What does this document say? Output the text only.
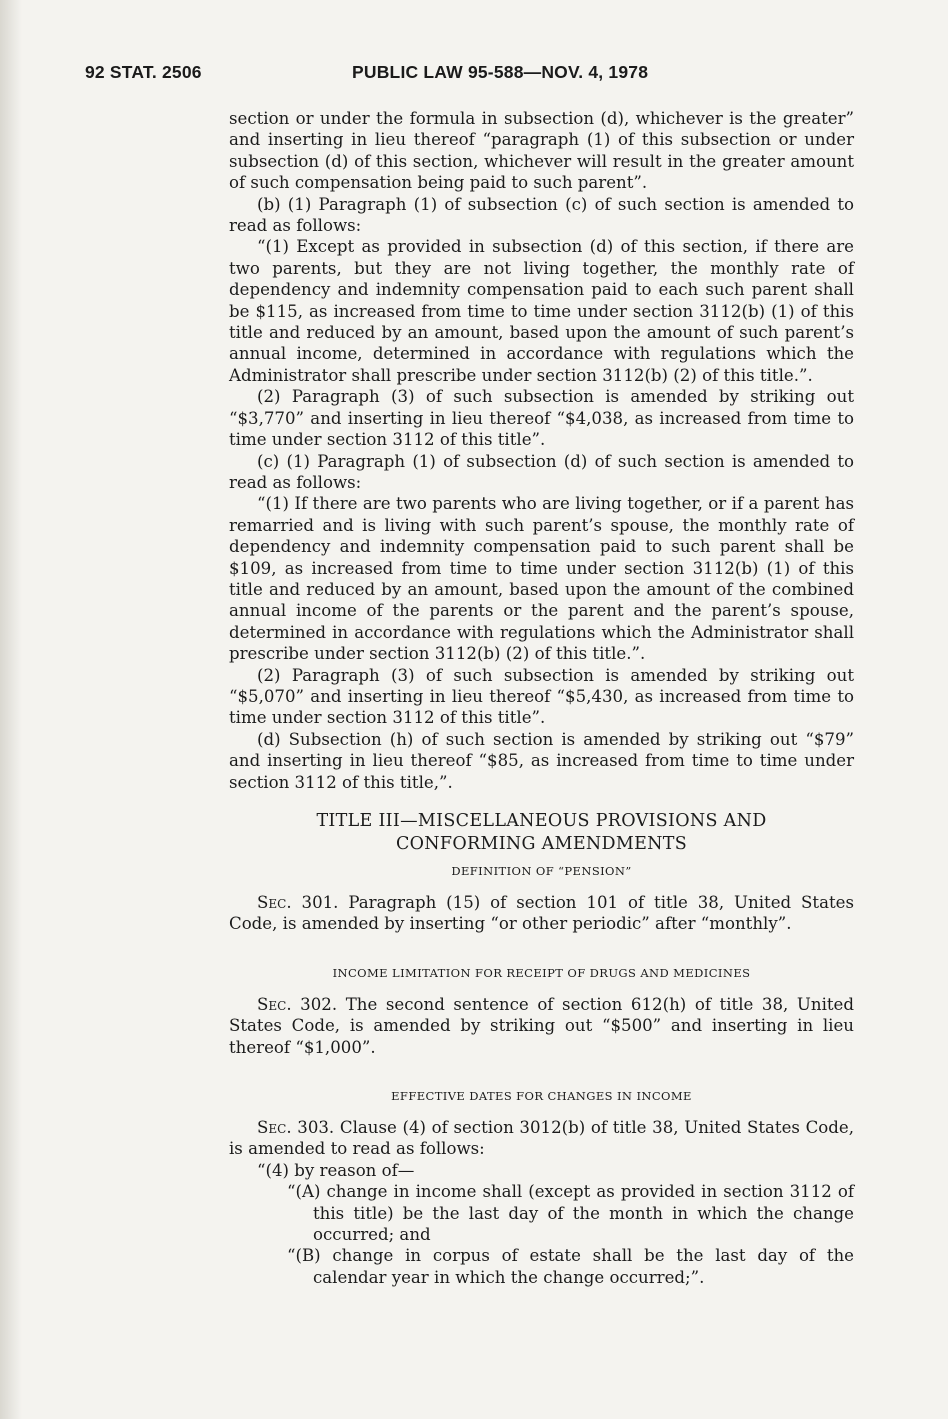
92 STAT. 2506	PUBLIC LAW 95-588—NOV. 4, 1978

section or under the formula in subsection (d), whichever is the greater” and inserting in lieu thereof “paragraph (1) of this subsection or under subsection (d) of this section, whichever will result in the greater amount of such compensation being paid to such parent”.

(b) (1) Paragraph (1) of subsection (c) of such section is amended to read as follows:

“(1) Except as provided in subsection (d) of this section, if there are two parents, but they are not living together, the monthly rate of dependency and indemnity compensation paid to each such parent shall be $115, as increased from time to time under section 3112(b) (1) of this title and reduced by an amount, based upon the amount of such parent’s annual income, determined in accordance with regulations which the Administrator shall prescribe under section 3112(b) (2) of this title.”.

(2) Paragraph (3) of such subsection is amended by striking out “$3,770” and inserting in lieu thereof “$4,038, as increased from time to time under section 3112 of this title”.

(c) (1) Paragraph (1) of subsection (d) of such section is amended to read as follows:

“(1) If there are two parents who are living together, or if a parent has remarried and is living with such parent’s spouse, the monthly rate of dependency and indemnity compensation paid to such parent shall be $109, as increased from time to time under section 3112(b) (1) of this title and reduced by an amount, based upon the amount of the combined annual income of the parents or the parent and the parent’s spouse, determined in accordance with regulations which the Administrator shall prescribe under section 3112(b) (2) of this title.”.

(2) Paragraph (3) of such subsection is amended by striking out “$5,070” and inserting in lieu thereof “$5,430, as increased from time to time under section 3112 of this title”.

(d) Subsection (h) of such section is amended by striking out “$79” and inserting in lieu thereof “$85, as increased from time to time under section 3112 of this title,”.

TITLE III—MISCELLANEOUS PROVISIONS AND
CONFORMING AMENDMENTS

DEFINITION OF “PENSION”

Sec. 301. Paragraph (15) of section 101 of title 38, United States Code, is amended by inserting “or other periodic” after “monthly”.

INCOME LIMITATION FOR RECEIPT OF DRUGS AND MEDICINES

Sec. 302. The second sentence of section 612(h) of title 38, United States Code, is amended by striking out “$500” and inserting in lieu thereof “$1,000”.

EFFECTIVE DATES FOR CHANGES IN INCOME

Sec. 303. Clause (4) of section 3012(b) of title 38, United States Code, is amended to read as follows:

“(4) by reason of—

“(A) change in income shall (except as provided in section 3112 of this title) be the last day of the month in which the change occurred; and

“(B) change in corpus of estate shall be the last day of the calendar year in which the change occurred;”.
